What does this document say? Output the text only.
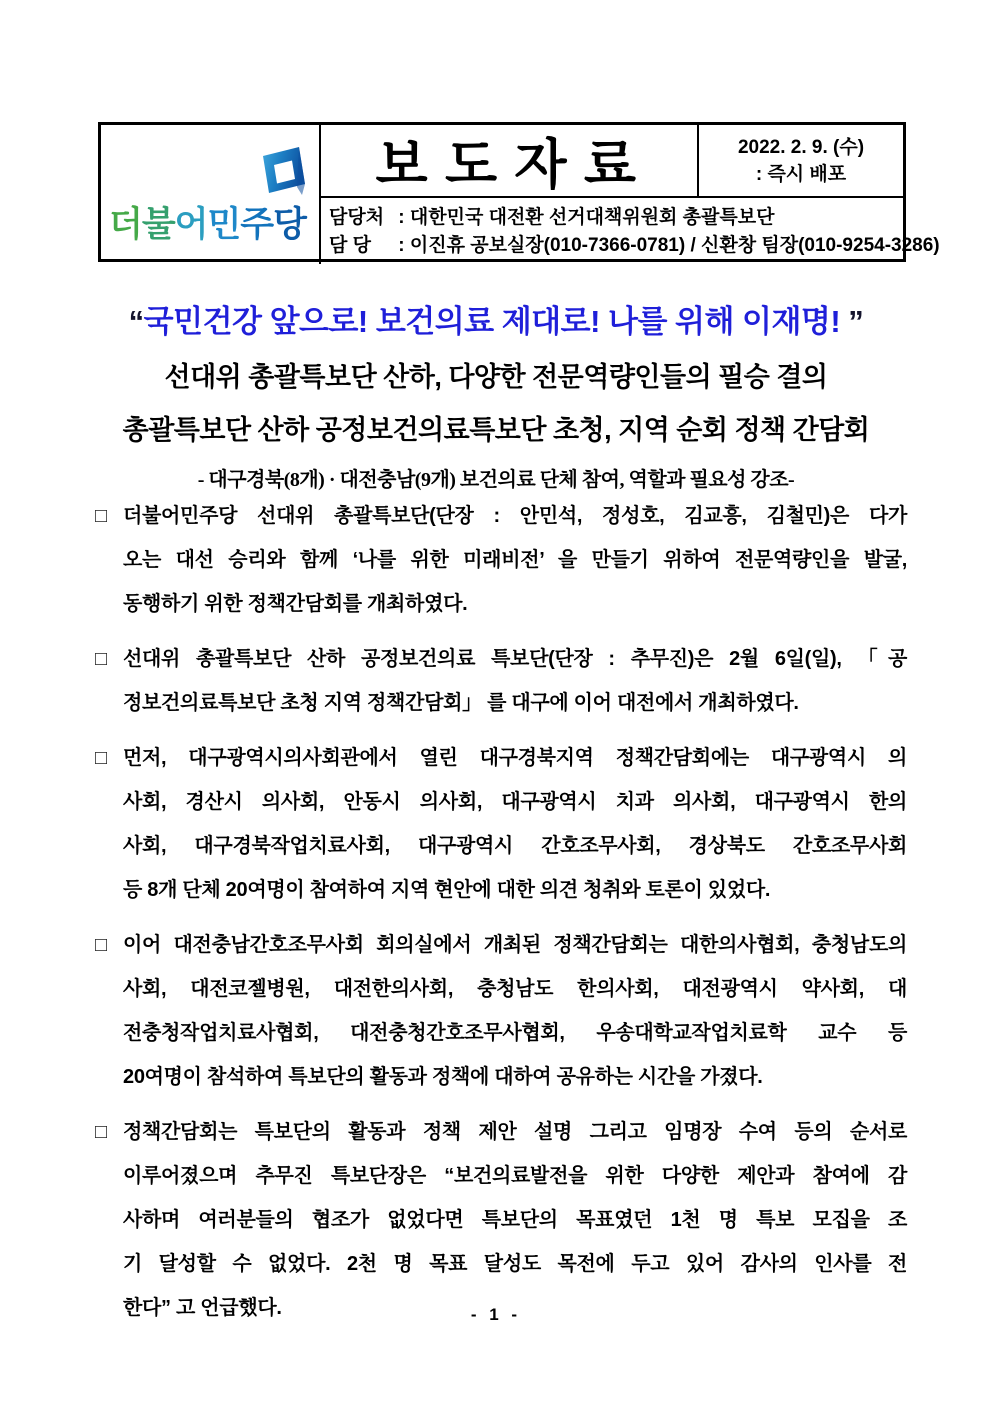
더불어민주당
보도자료	2022. 2. 9. (수)
: 즉시 배포
담당처 : 대한민국 대전환 선거대책위원회 총괄특보단
담 당 : 이진휴 공보실장(010-7366-0781) / 신환창 팀장(010-9254-3286)
“국민건강 앞으로! 보건의료 제대로! 나를 위해 이재명! ”
선대위 총괄특보단 산하, 다양한 전문역량인들의 필승 결의
총괄특보단 산하 공정보건의료특보단 초청, 지역 순회 정책 간담회
- 대구경북(8개) · 대전충남(9개) 보건의료 단체 참여, 역할과 필요성 강조-
□ 더불어민주당 선대위 총괄특보단(단장 : 안민석, 정성호, 김교흥, 김철민)은 다가
오는 대선 승리와 함께 ‘나를 위한 미래비전’ 을 만들기 위하여 전문역량인을 발굴,
동행하기 위한 정책간담회를 개최하였다.
□ 선대위 총괄특보단 산하 공정보건의료 특보단(단장 : 추무진)은 2월 6일(일), 「공
정보건의료특보단 초청 지역 정책간담회」 를 대구에 이어 대전에서 개최하였다.
□ 먼저, 대구광역시의사회관에서 열린 대구경북지역 정책간담회에는 대구광역시 의
사회, 경산시 의사회, 안동시 의사회, 대구광역시 치과 의사회, 대구광역시 한의
사회, 대구경북작업치료사회, 대구광역시 간호조무사회, 경상북도 간호조무사회
등 8개 단체 20여명이 참여하여 지역 현안에 대한 의견 청취와 토론이 있었다.
□ 이어 대전충남간호조무사회 회의실에서 개최된 정책간담회는 대한의사협회, 충청남도의
사회, 대전코젤병원, 대전한의사회, 충청남도 한의사회, 대전광역시 약사회, 대
전충청작업치료사협회, 대전충청간호조무사협회, 우송대학교작업치료학 교수 등
20여명이 참석하여 특보단의 활동과 정책에 대하여 공유하는 시간을 가졌다.
□ 정책간담회는 특보단의 활동과 정책 제안 설명 그리고 임명장 수여 등의 순서로
이루어졌으며 추무진 특보단장은 “보건의료발전을 위한 다양한 제안과 참여에 감
사하며 여러분들의 협조가 없었다면 특보단의 목표였던 1천 명 특보 모집을 조
기 달성할 수 없었다. 2천 명 목표 달성도 목전에 두고 있어 감사의 인사를 전
한다” 고 언급했다.	- 1 -
